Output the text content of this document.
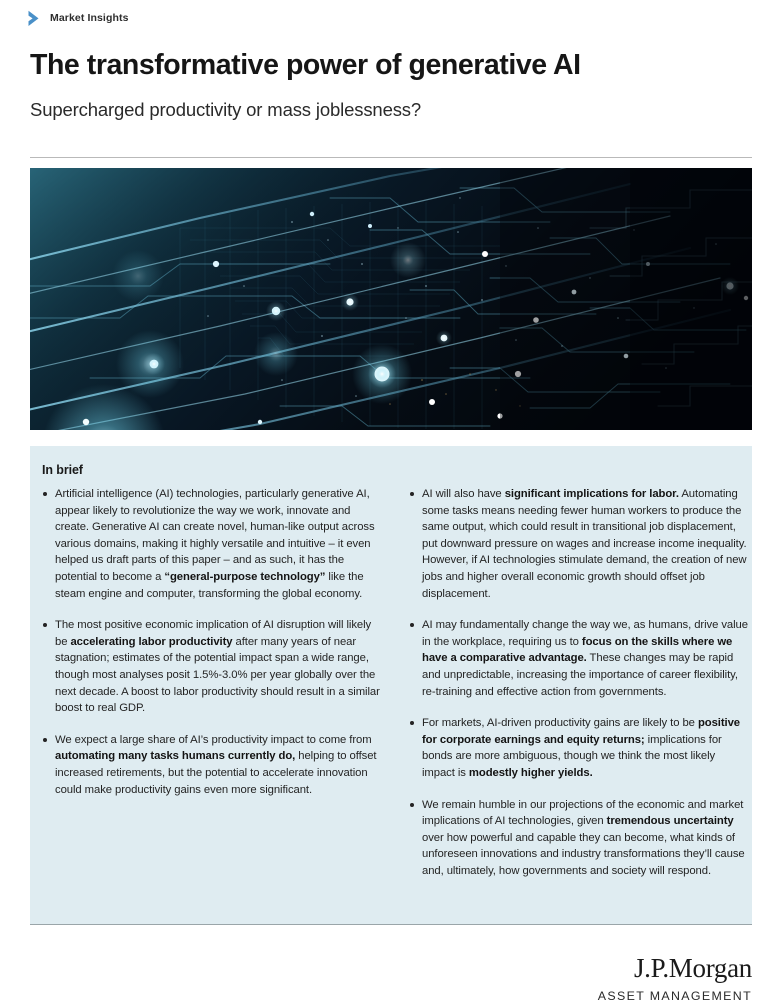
Market Insights
The transformative power of generative AI
Supercharged productivity or mass joblessness?
In brief
Artificial intelligence (AI) technologies, particularly generative AI, appear likely to revolutionize the way we work, innovate and create. Generative AI can create novel, human-like output across various domains, making it highly versatile and intuitive – it even helped us draft parts of this paper – and as such, it has the potential to become a “general-purpose technology” like the steam engine and computer, transforming the global economy.
The most positive economic implication of AI disruption will likely be accelerating labor productivity after many years of near stagnation; estimates of the potential impact span a wide range, though most analyses posit 1.5%-3.0% per year globally over the next decade. A boost to labor productivity should result in a similar boost to real GDP.
We expect a large share of AI’s productivity impact to come from automating many tasks humans currently do, helping to offset increased retirements, but the potential to accelerate innovation could make productivity gains even more significant.
AI will also have significant implications for labor. Automating some tasks means needing fewer human workers to produce the same output, which could result in transitional job displacement, put downward pressure on wages and increase income inequality. However, if AI technologies stimulate demand, the creation of new jobs and higher overall economic growth should offset job displacement.
AI may fundamentally change the way we, as humans, drive value in the workplace, requiring us to focus on the skills where we have a comparative advantage. These changes may be rapid and unpredictable, increasing the importance of career flexibility, re-training and effective action from governments.
For markets, AI-driven productivity gains are likely to be positive for corporate earnings and equity returns; implications for bonds are more ambiguous, though we think the most likely impact is modestly higher yields.
We remain humble in our projections of the economic and market implications of AI technologies, given tremendous uncertainty over how powerful and capable they can become, what kinds of unforeseen innovations and industry transformations they’ll cause and, ultimately, how governments and society will respond.
J.P.Morgan
ASSET MANAGEMENT
